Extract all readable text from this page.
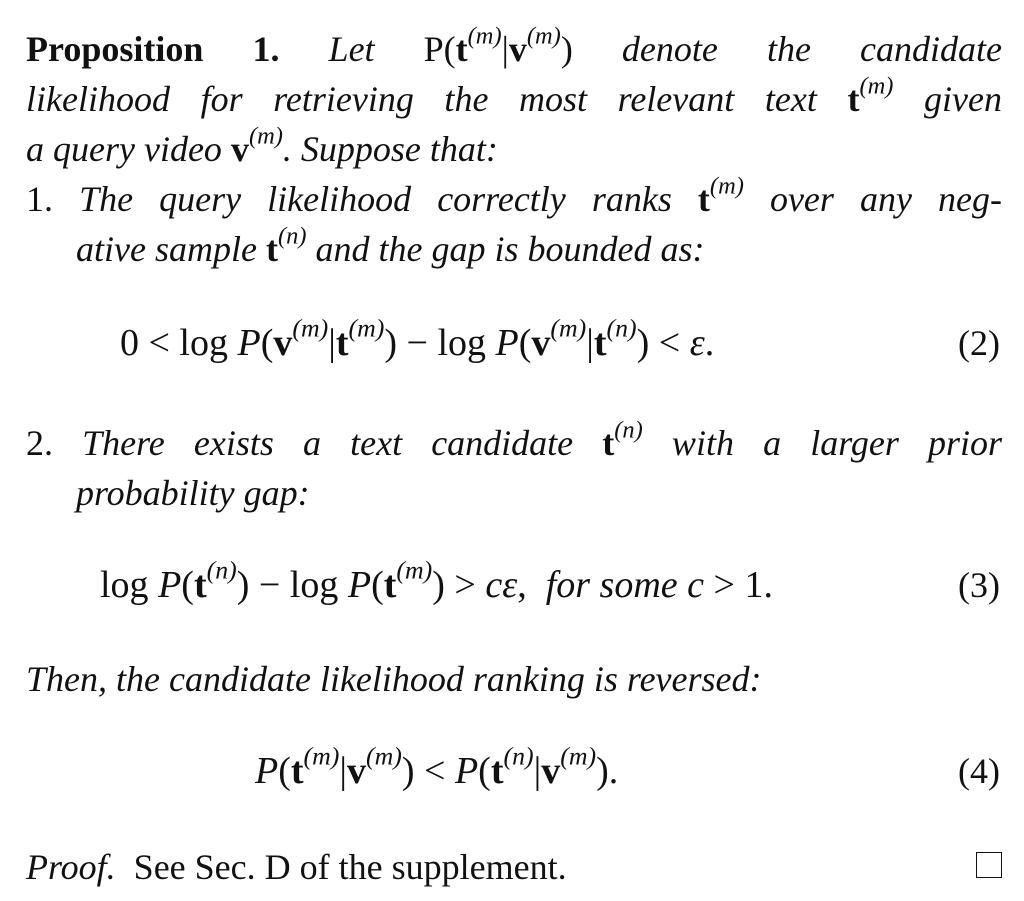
Proposition 1. Let $P(t^{(m)}|v^{(m)})$ denote the candidate
likelihood for retrieving the most relevant text $t^{(m)}$ given
a query video $v^{(m)}$. Suppose that:
1. The query likelihood correctly ranks $t^{(m)}$ over any neg-
ative sample $t^{(n)}$ and the gap is bounded as:
$0 < \log P(v^{(m)}|t^{(m)}) - \log P(v^{(m)}|t^{(n)}) < \varepsilon$.	(2)
2. There exists a text candidate $t^{(n)}$ with a larger prior
probability gap:
$\log P(t^{(n)}) - \log P(t^{(m)}) > c\varepsilon$,  for some c > 1.	(3)
Then, the candidate likelihood ranking is reversed:
$P(t^{(m)}|v^{(m)}) < P(t^{(n)}|v^{(m)})$.	(4)
Proof. See Sec. D of the supplement.
